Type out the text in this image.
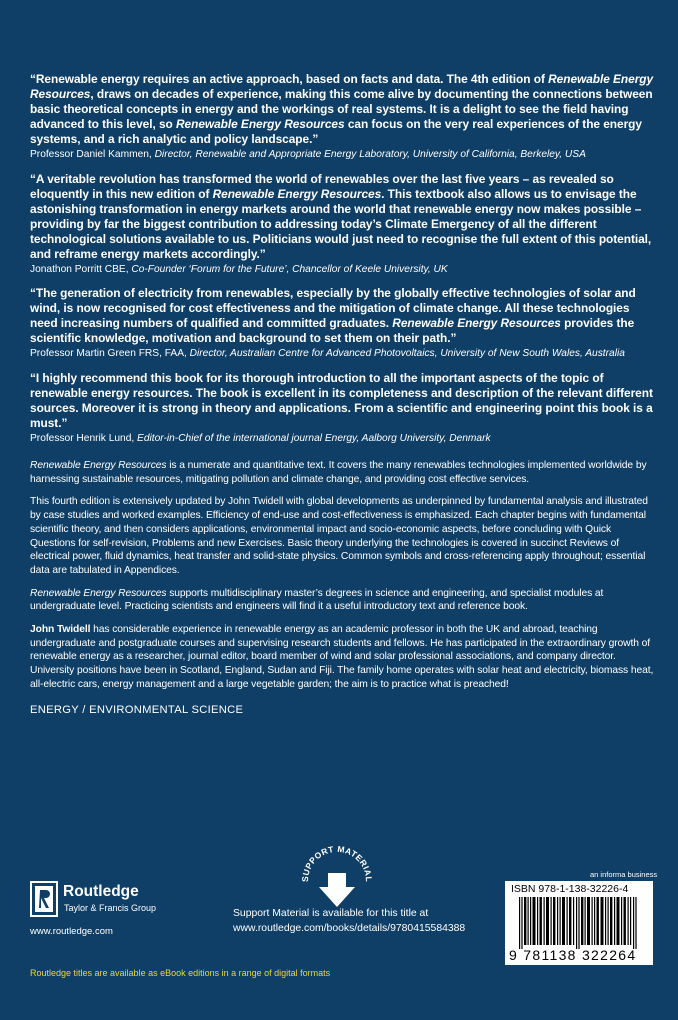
“Renewable energy requires an active approach, based on facts and data. The 4th edition of Renewable Energy Resources, draws on decades of experience, making this come alive by documenting the connections between basic theoretical concepts in energy and the workings of real systems. It is a delight to see the field having advanced to this level, so Renewable Energy Resources can focus on the very real experiences of the energy systems, and a rich analytic and policy landscape.”
Professor Daniel Kammen, Director, Renewable and Appropriate Energy Laboratory, University of California, Berkeley, USA
“A veritable revolution has transformed the world of renewables over the last five years – as revealed so eloquently in this new edition of Renewable Energy Resources. This textbook also allows us to envisage the astonishing transformation in energy markets around the world that renewable energy now makes possible – providing by far the biggest contribution to addressing today’s Climate Emergency of all the different technological solutions available to us. Politicians would just need to recognise the full extent of this potential, and reframe energy markets accordingly.”
Jonathon Porritt CBE, Co-Founder ‘Forum for the Future’, Chancellor of Keele University, UK
“The generation of electricity from renewables, especially by the globally effective technologies of solar and wind, is now recognised for cost effectiveness and the mitigation of climate change. All these technologies need increasing numbers of qualified and committed graduates. Renewable Energy Resources provides the scientific knowledge, motivation and background to set them on their path.”
Professor Martin Green FRS, FAA, Director, Australian Centre for Advanced Photovoltaics, University of New South Wales, Australia
“I highly recommend this book for its thorough introduction to all the important aspects of the topic of renewable energy resources. The book is excellent in its completeness and description of the relevant different sources. Moreover it is strong in theory and applications. From a scientific and engineering point this book is a must.”
Professor Henrik Lund, Editor-in-Chief of the international journal Energy, Aalborg University, Denmark

Renewable Energy Resources is a numerate and quantitative text. It covers the many renewables technologies implemented worldwide by harnessing sustainable resources, mitigating pollution and climate change, and providing cost effective services.

This fourth edition is extensively updated by John Twidell with global developments as underpinned by fundamental analysis and illustrated by case studies and worked examples. Efficiency of end-use and cost-effectiveness is emphasized. Each chapter begins with fundamental scientific theory, and then considers applications, environmental impact and socio-economic aspects, before concluding with Quick Questions for self-revision, Problems and new Exercises. Basic theory underlying the technologies is covered in succinct Reviews of electrical power, fluid dynamics, heat transfer and solid-state physics. Common symbols and cross-referencing apply throughout; essential data are tabulated in Appendices.

Renewable Energy Resources supports multidisciplinary master’s degrees in science and engineering, and specialist modules at undergraduate level. Practicing scientists and engineers will find it a useful introductory text and reference book.

John Twidell has considerable experience in renewable energy as an academic professor in both the UK and abroad, teaching undergraduate and postgraduate courses and supervising research students and fellows. He has participated in the extraordinary growth of renewable energy as a researcher, journal editor, board member of wind and solar professional associations, and company director. University positions have been in Scotland, England, Sudan and Fiji. The family home operates with solar heat and electricity, biomass heat, all-electric cars, energy management and a large vegetable garden; the aim is to practice what is preached!

ENERGY / ENVIRONMENTAL SCIENCE
Routledge
Taylor & Francis Group
www.routledge.com
Routledge titles are available as eBook editions in a range of digital formats
SUPPORT MATERIAL
Support Material is available for this title at
www.routledge.com/books/details/9780415584388
an informa business
ISBN 978-1-138-32226-4
9 781138 322264
